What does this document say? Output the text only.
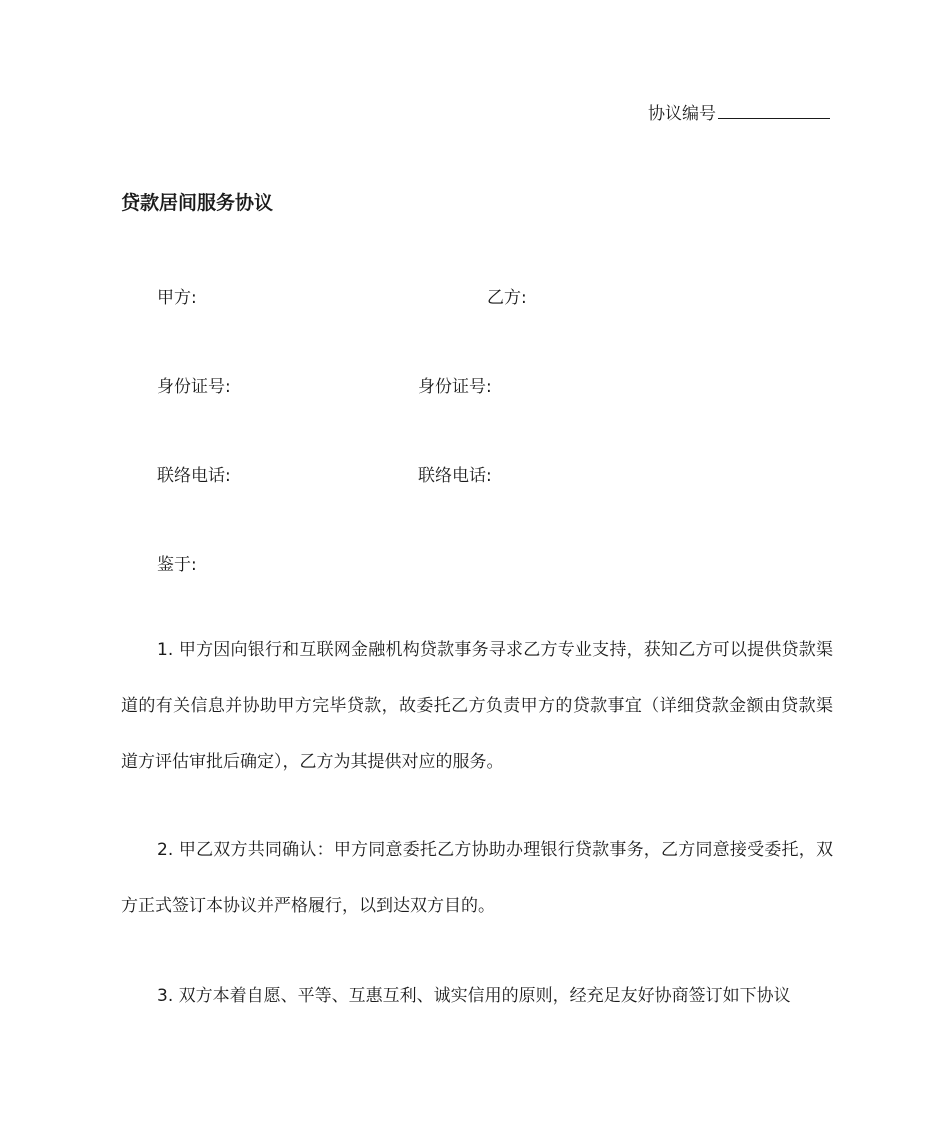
协议编号
贷款居间服务协议
甲方:	乙方:
身份证号:	身份证号:
联络电话:	联络电话:
鉴于:
1. 甲方因向银行和互联网金融机构贷款事务寻求乙方专业支持，获知乙方可以提供贷款渠道的有关信息并协助甲方完毕贷款，故委托乙方负责甲方的贷款事宜（详细贷款金额由贷款渠道方评估审批后确定），乙方为其提供对应的服务。
2. 甲乙双方共同确认：甲方同意委托乙方协助办理银行贷款事务，乙方同意接受委托，双方正式签订本协议并严格履行，以到达双方目的。
3. 双方本着自愿、平等、互惠互利、诚实信用的原则，经充足友好协商签订如下协议
